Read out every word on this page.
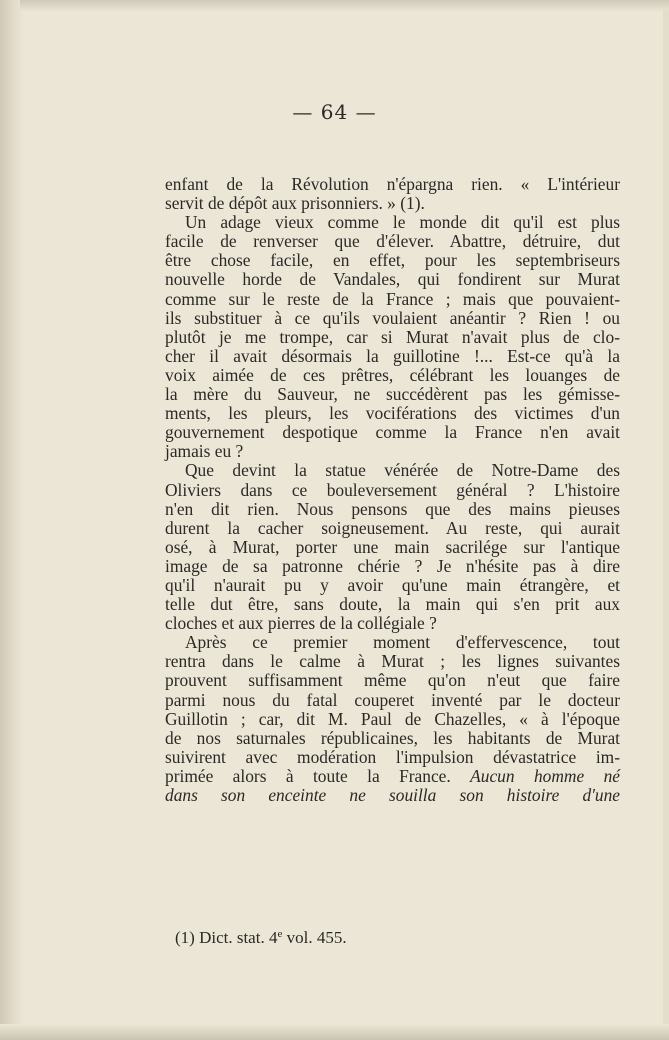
— 64 —
enfant de la Révolution n'épargna rien. « L'intérieur
servit de dépôt aux prisonniers. » (1).
Un adage vieux comme le monde dit qu'il est plus
facile de renverser que d'élever. Abattre, détruire, dut
être chose facile, en effet, pour les septembriseurs
nouvelle horde de Vandales, qui fondirent sur Murat
comme sur le reste de la France ; mais que pouvaient-
ils substituer à ce qu'ils voulaient anéantir ? Rien ! ou
plutôt je me trompe, car si Murat n'avait plus de clo-
cher il avait désormais la guillotine !... Est-ce qu'à la
voix aimée de ces prêtres, célébrant les louanges de
la mère du Sauveur, ne succédèrent pas les gémisse-
ments, les pleurs, les vociférations des victimes d'un
gouvernement despotique comme la France n'en avait
jamais eu ?
Que devint la statue vénérée de Notre-Dame des
Oliviers dans ce bouleversement général ? L'histoire
n'en dit rien. Nous pensons que des mains pieuses
durent la cacher soigneusement. Au reste, qui aurait
osé, à Murat, porter une main sacrilége sur l'antique
image de sa patronne chérie ? Je n'hésite pas à dire
qu'il n'aurait pu y avoir qu'une main étrangère, et
telle dut être, sans doute, la main qui s'en prit aux
cloches et aux pierres de la collégiale ?
Après ce premier moment d'effervescence, tout
rentra dans le calme à Murat ; les lignes suivantes
prouvent suffisamment même qu'on n'eut que faire
parmi nous du fatal couperet inventé par le docteur
Guillotin ; car, dit M. Paul de Chazelles, « à l'époque
de nos saturnales républicaines, les habitants de Murat
suivirent avec modération l'impulsion dévastatrice im-
primée alors à toute la France. Aucun homme né
dans son enceinte ne souilla son histoire d'une
(1) Dict. stat. 4e vol. 455.
